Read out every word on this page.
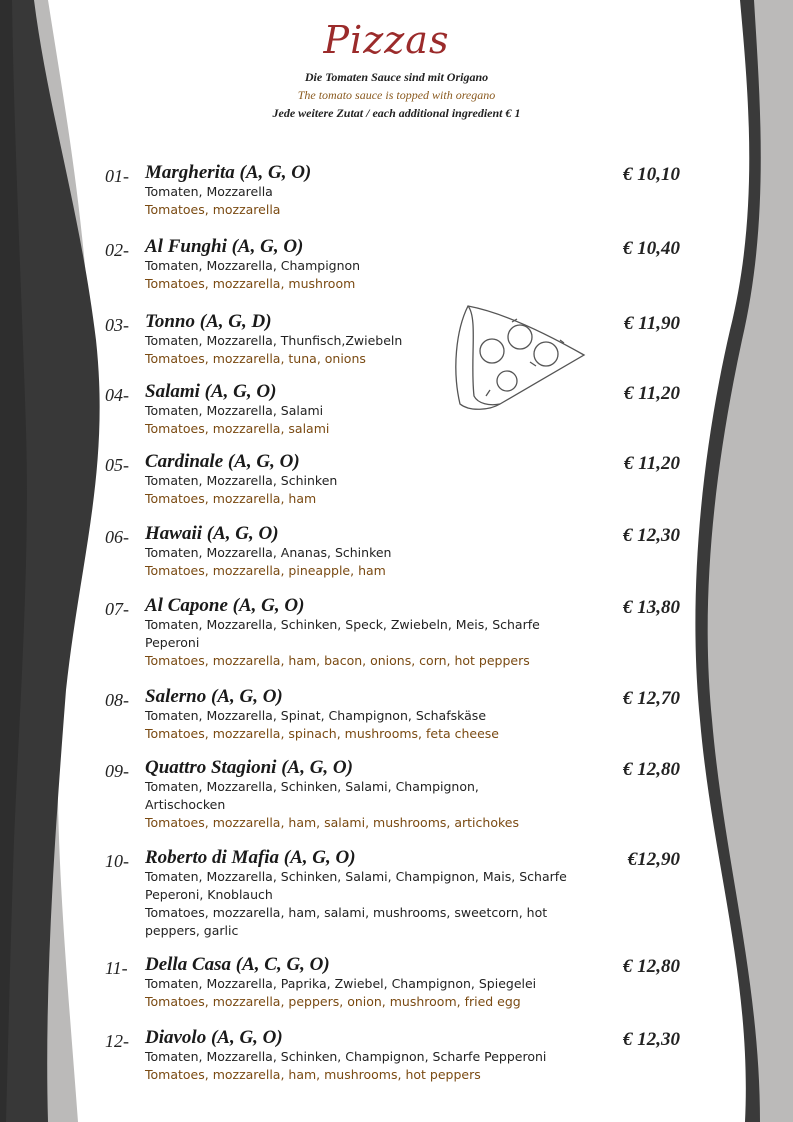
Pizzas
Die Tomaten Sauce sind mit Origano
The tomato sauce is topped with oregano
Jede weitere Zutat / each additional ingredient € 1
01- Margherita (A, G, O)	€ 10,10
Tomaten, Mozzarella
Tomatoes, mozzarella
02- Al Funghi (A, G, O)	€ 10,40
Tomaten, Mozzarella, Champignon
Tomatoes, mozzarella, mushroom
03- Tonno (A, G, D)	€ 11,90
Tomaten, Mozzarella, Thunfisch,Zwiebeln
Tomatoes, mozzarella, tuna, onions
04- Salami (A, G, O)	€ 11,20
Tomaten, Mozzarella, Salami
Tomatoes, mozzarella, salami
05- Cardinale (A, G, O)	€ 11,20
Tomaten, Mozzarella, Schinken
Tomatoes, mozzarella, ham
06- Hawaii (A, G, O)	€ 12,30
Tomaten, Mozzarella, Ananas, Schinken
Tomatoes, mozzarella, pineapple, ham
07- Al Capone (A, G, O)	€ 13,80
Tomaten, Mozzarella, Schinken, Speck, Zwiebeln, Meis, Scharfe Peperoni
Tomatoes, mozzarella, ham, bacon, onions, corn, hot peppers
08- Salerno (A, G, O)	€ 12,70
Tomaten, Mozzarella, Spinat, Champignon, Schafskäse
Tomatoes, mozzarella, spinach, mushrooms, feta cheese
09- Quattro Stagioni (A, G, O)	€ 12,80
Tomaten, Mozzarella, Schinken, Salami, Champignon, Artischocken
Tomatoes, mozzarella, ham, salami, mushrooms, artichokes
10- Roberto di Mafia (A, G, O)	€12,90
Tomaten, Mozzarella, Schinken, Salami, Champignon, Mais, Scharfe Peperoni, Knoblauch
Tomatoes, mozzarella, ham, salami, mushrooms, sweetcorn, hot peppers, garlic
11- Della Casa (A, C, G, O)	€ 12,80
Tomaten, Mozzarella, Paprika, Zwiebel, Champignon, Spiegelei
Tomatoes, mozzarella, peppers, onion, mushroom, fried egg
12- Diavolo (A, G, O)	€ 12,30
Tomaten, Mozzarella, Schinken, Champignon, Scharfe Pepperoni
Tomatoes, mozzarella, ham, mushrooms, hot peppers
